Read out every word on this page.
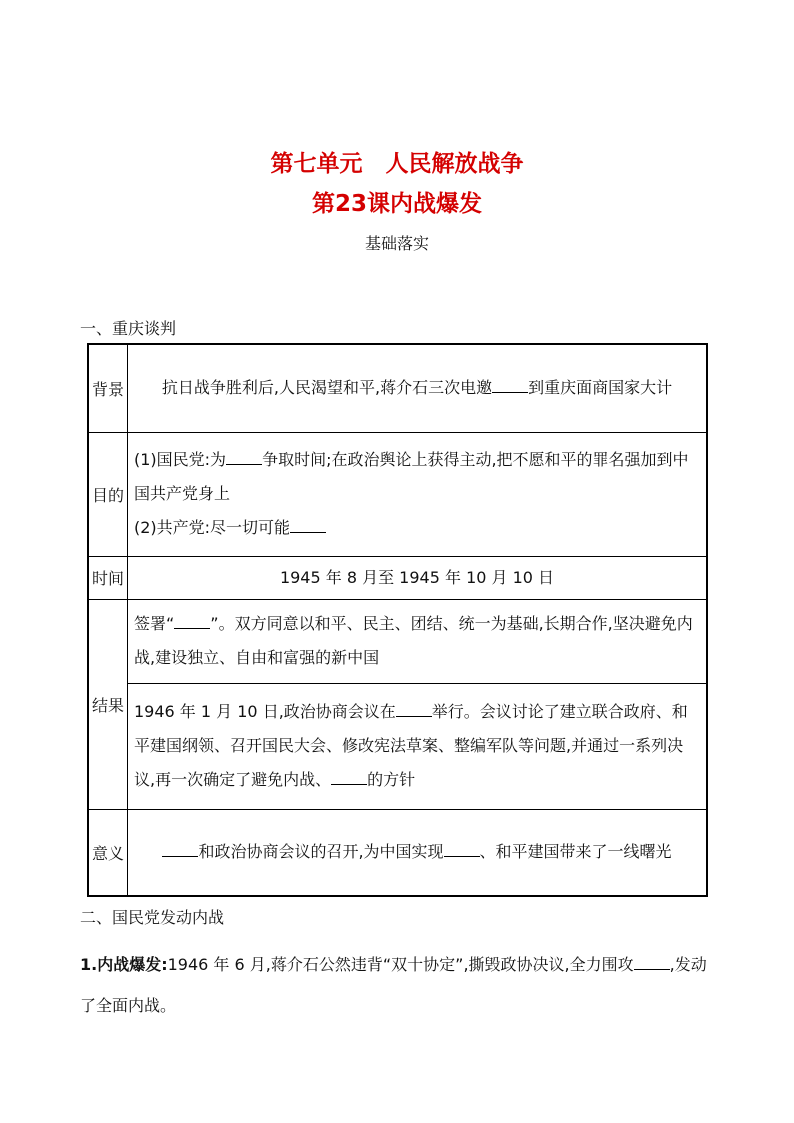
第七单元　人民解放战争
第23课内战爆发
基础落实
一、重庆谈判
背景	抗日战争胜利后,人民渴望和平,蒋介石三次电邀 到重庆面商国家大计
目的	(1)国民党:为 争取时间;在政治舆论上获得主动,把不愿和平的罪名强加到中国共产党身上
(2)共产党:尽一切可能

时间	1945 年 8 月至 1945 年 10 月 10 日
结果	签署“ ”。双方同意以和平、民主、团结、统一为基础,长期合作,坚决避免内战,建设独立、自由和富强的新中国
	1946 年 1 月 10 日,政治协商会议在 举行。会议讨论了建立联合政府、和平建国纲领、召开国民大会、修改宪法草案、整编军队等问题,并通过一系列决议,再一次确定了避免内战、 的方针
意义	和政治协商会议的召开,为中国实现 、和平建国带来了一线曙光
二、国民党发动内战
1.内战爆发:1946 年 6 月,蒋介石公然违背“双十协定”,撕毁政协决议,全力围攻 ,发动了全面内战。
